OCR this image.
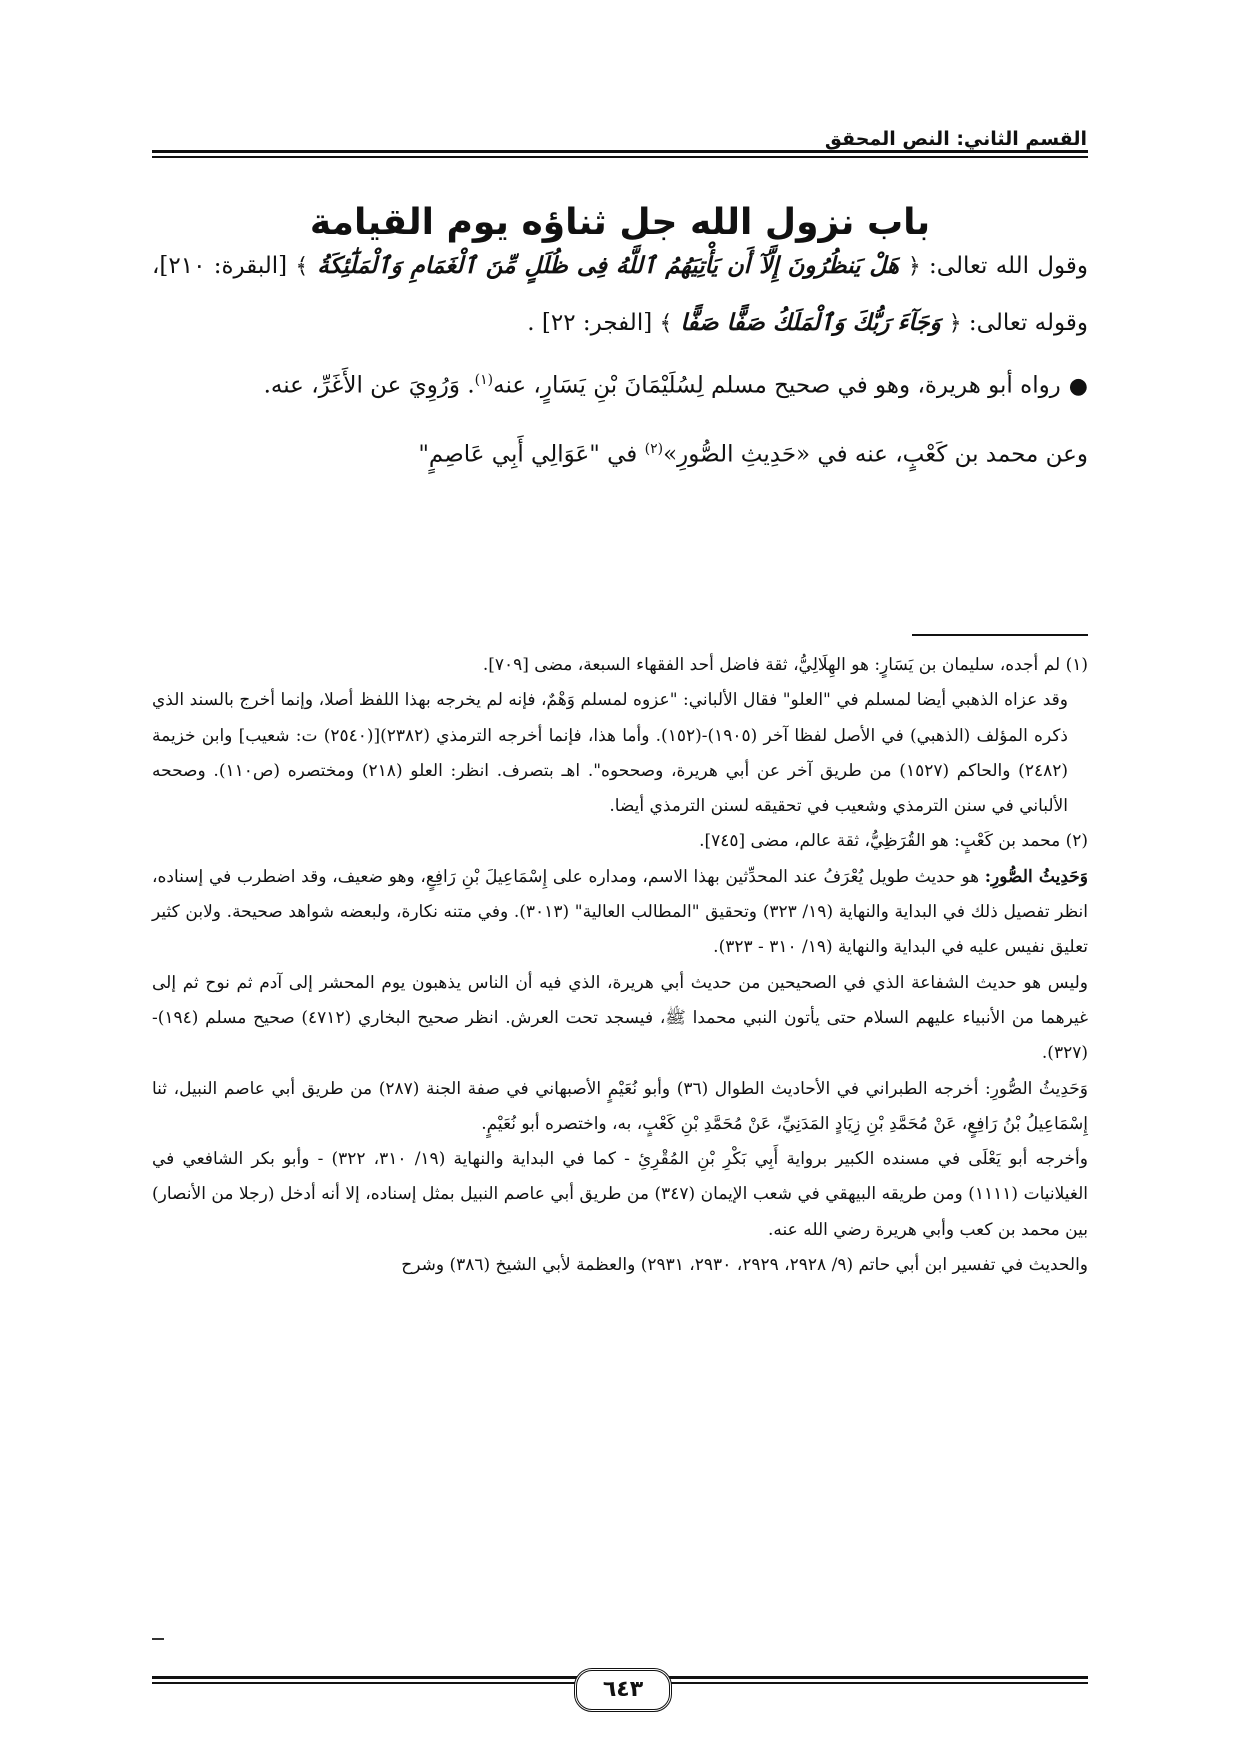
القسم الثاني: النص المحقق
باب نزول الله جل ثناؤه يوم القيامة

وقول الله تعالى: ﴿ هَلْ يَنظُرُونَ إِلَّآ أَن يَأْتِيَهُمُ ٱللَّهُ فِى ظُلَلٍ مِّنَ ٱلْغَمَامِ وَٱلْمَلَٰٓئِكَةُ ﴾ [البقرة: ٢١٠]، وقوله تعالى: ﴿ وَجَآءَ رَبُّكَ وَٱلْمَلَكُ صَفًّا صَفًّا ﴾ [الفجر: ٢٢] .

●رواه أبو هريرة، وهو في صحيح مسلم لِسُلَيْمَانَ بْنِ يَسَارٍ، عنه$^{(١)}$. وَرُوِيَ عن الأَغَرِّ، عنه.

وعن محمد بن كَعْبٍ، عنه في «حَدِيثِ الصُّورِ»$^{(٢)}$ في "عَوَالِي أَبِي عَاصِمٍ"

(١) لم أجده، سليمان بن يَسَارٍ: هو الهِلَالِيُّ، ثقة فاضل أحد الفقهاء السبعة، مضى [٧٠٩].

وقد عزاه الذهبي أيضا لمسلم في "العلو" فقال الألباني: "عزوه لمسلم وَهْمٌ، فإنه لم يخرجه بهذا اللفظ أصلا، وإنما أخرج بالسند الذي ذكره المؤلف (الذهبي) في الأصل لفظا آخر (١٩٠٥)-(١٥٢). وأما هذا، فإنما أخرجه الترمذي (٢٣٨٢)[(٢٥٤٠) ت: شعيب] وابن خزيمة (٢٤٨٢) والحاكم (١٥٢٧) من طريق آخر عن أبي هريرة، وصححوه". اهـ بتصرف. انظر: العلو (٢١٨) ومختصره (ص١١٠). وصححه الألباني في سنن الترمذي وشعيب في تحقيقه لسنن الترمذي أيضا.

(٢) محمد بن كَعْبٍ: هو القُرَظِيُّ، ثقة عالم، مضى [٧٤٥].

وَحَدِيثُ الصُّورِ: هو حديث طويل يُعْرَفُ عند المحدِّثين بهذا الاسم، ومداره على إِسْمَاعِيلَ بْنِ رَافِعٍ، وهو ضعيف، وقد اضطرب في إسناده، انظر تفصيل ذلك في البداية والنهاية (١٩/ ٣٢٣) وتحقيق "المطالب العالية" (٣٠١٣). وفي متنه نكارة، ولبعضه شواهد صحيحة. ولابن كثير تعليق نفيس عليه في البداية والنهاية (١٩/ ٣١٠ - ٣٢٣).

وليس هو حديث الشفاعة الذي في الصحيحين من حديث أبي هريرة، الذي فيه أن الناس يذهبون يوم المحشر إلى آدم ثم نوح ثم إلى غيرهما من الأنبياء عليهم السلام حتى يأتون النبي محمدا ﷺ، فيسجد تحت العرش. انظر صحيح البخاري (٤٧١٢) صحيح مسلم (١٩٤)-(٣٢٧).

وَحَدِيثُ الصُّورِ: أخرجه الطبراني في الأحاديث الطوال (٣٦) وأبو نُعَيْمٍ الأصبهاني في صفة الجنة (٢٨٧) من طريق أبي عاصم النبيل، ثنا إِسْمَاعِيلُ بْنُ رَافِعٍ، عَنْ مُحَمَّدِ بْنِ زِيَادٍ المَدَنِيِّ، عَنْ مُحَمَّدِ بْنِ كَعْبٍ، به، واختصره أبو نُعَيْمٍ.

وأخرجه أبو يَعْلَى في مسنده الكبير برواية أَبِي بَكْرِ بْنِ المُقْرِئِ - كما في البداية والنهاية (١٩/ ٣١٠، ٣٢٢) - وأبو بكر الشافعي في الغيلانيات (١١١١) ومن طريقه البيهقي في شعب الإيمان (٣٤٧) من طريق أبي عاصم النبيل بمثل إسناده، إلا أنه أدخل (رجلا من الأنصار) بين محمد بن كعب وأبي هريرة رضي الله عنه.

والحديث في تفسير ابن أبي حاتم (٩/ ٢٩٢٨، ٢٩٢٩، ٢٩٣٠، ٢٩٣١) والعظمة لأبي الشيخ (٣٨٦) وشرح

٦٤٣
